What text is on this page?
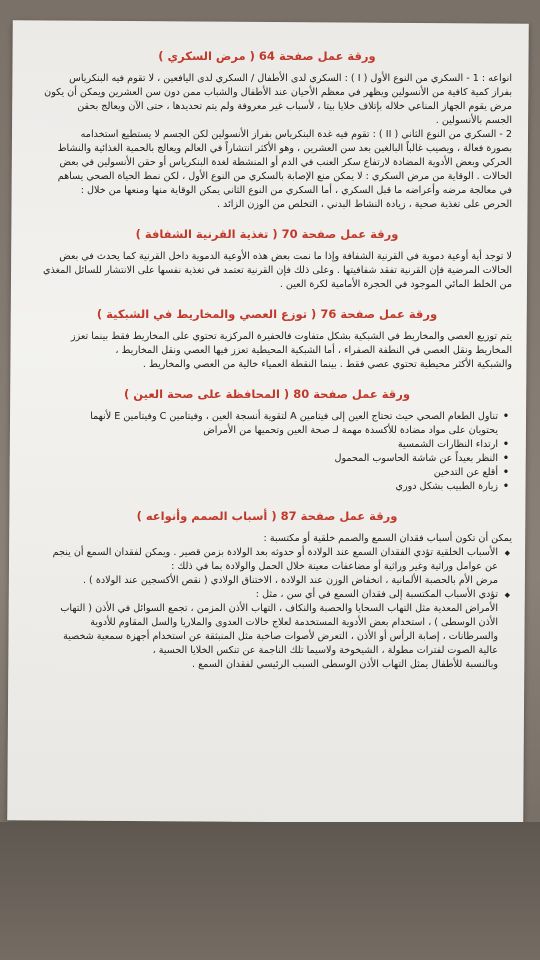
ورقة عمل صفحة 64 ( مرض السكري )

انواعه : 1 - السكري من النوع الأول ( I ) : السكري لدى الأطفال / السكري لدى اليافعين ، لا تقوم فيه البنكرياس

بفراز كمية كافية من الأنسولين ويظهر في معظم الأحيان عند الأطفال والشباب ممن دون سن العشرين ويمكن أن يكون

مرض يقوم الجهاز المناعي خلاله بإتلاف خلايا بيتا ، لأسباب غير معروفة ولم يتم تحديدها ، حتى الآن ويعالج بحقن

الجسم بالأنسولين .

2 - السكري من النوع الثاني ( II ) : تقوم فيه غدة البنكرياس بفراز الأنسولين لكن الجسم لا يستطيع استخدامه

بصورة فعالة ، ويصيب غالباً البالغين بعد سن العشرين ، وهو الأكثر انتشاراً في العالم ويعالج بالحمية الغذائية والنشاط

الحركي وبعض الأدوية المضادة لارتفاع سكر العنب في الدم أو المنشطة لغدة البنكرياس أو حقن الأنسولين في بعض

الحالات . الوقاية من مرض السكري : لا يمكن منع الإصابة بالسكري من النوع الأول ، لكن نمط الحياة الصحي يساهم

في معالجة مرضه وأعراضه ما قبل السكري ، أما السكري من النوع الثاني يمكن الوقاية منها ومنعها من خلال :

الحرص على تغذية صحية ، زيادة النشاط البدني ، التخلص من الوزن الزائد .

ورقة عمل صفحة 70 ( تغذية القرنية الشفافة )

لا توجد أية أوعية دموية في القرنية الشفافة وإذا ما نمت بعض هذه الأوعية الدموية داخل القرنية كما يحدث في بعض

الحالات المرضية فإن القرنية تفقد شفافيتها . وعلى ذلك فإن القرنية تعتمد في تغذية نفسها على الانتشار للسائل المغذي

من الخلط المائي الموجود في الحجرة الأمامية لكرة العين .

ورقة عمل صفحة 76 ( توزع العصي والمخاريط في الشبكية )

يتم توزيع العصي والمخاريط في الشبكية بشكل متفاوت فالحفيرة المركزية تحتوي على المخاريط فقط بينما تعزز

المخاريط ونقل العصي في النطفة الصفراء ، أما الشبكية المحيطية تعزز فيها العصي ونقل المخاريط ،

والشبكية الأكثر محيطية تحتوي عصي فقط . بينما النقطة العمياء خالية من العصي والمخاريط .

ورقة عمل صفحة 80 ( المحافظة على صحة العين )
• تناول الطعام الصحي حيث تحتاج العين إلى فيتامين A لتقوية أنسجة العين ، وفيتامين C وفيتامين E لأنهما
يحتويان على مواد مضادة للأكسدة مهمة لـ صحة العين وتحميها من الأمراض
• ارتداء النظارات الشمسية
• النظر بعيداً عن شاشة الحاسوب المحمول
• أقلع عن التدخين
• زيارة الطبيب بشكل دوري
ورقة عمل صفحة 87 ( أسباب الصمم وأنواعه )

يمكن أن تكون أسباب فقدان السمع والصمم خلقية أو مكتسبة :

◆ الأسباب الخلقية تؤدي الفقدان السمع عند الولادة أو حدوثه بعد الولادة بزمن قصير . ويمكن لفقدان السمع أن ينجم
عن عوامل وراثية وغير وراثية أو مضاعفات معينة خلال الحمل والولادة بما في ذلك :
مرض الأم بالحصبة الألمانية ، انخفاض الوزن عند الولادة ، الاختناق الولادي ( نقص الأكسجين عند الولادة ) .
◆ تؤدي الأسباب المكتسبة إلى فقدان السمع في أي سن ، مثل :
الأمراض المعدية مثل التهاب السحايا والحصبة والنكاف ، التهاب الأذن المزمن ، تجمع السوائل في الأذن ( التهاب
الأذن الوسطى ) ، استخدام بعض الأدوية المستخدمة لعلاج حالات العدوى والملاريا والسل المقاوم للأدوية
والسرطانات ، إصابة الرأس أو الأذن ، التعرض لأصوات صاخبة مثل المنبثقة عن استخدام أجهزة سمعية شخصية
عالية الصوت لفترات مطولة ، الشيخوخة ولاسيما تلك الناجمة عن تنكس الخلايا الحسية ،
وبالنسبة للأطفال يمثل التهاب الأذن الوسطى السبب الرئيسي لفقدان السمع .
